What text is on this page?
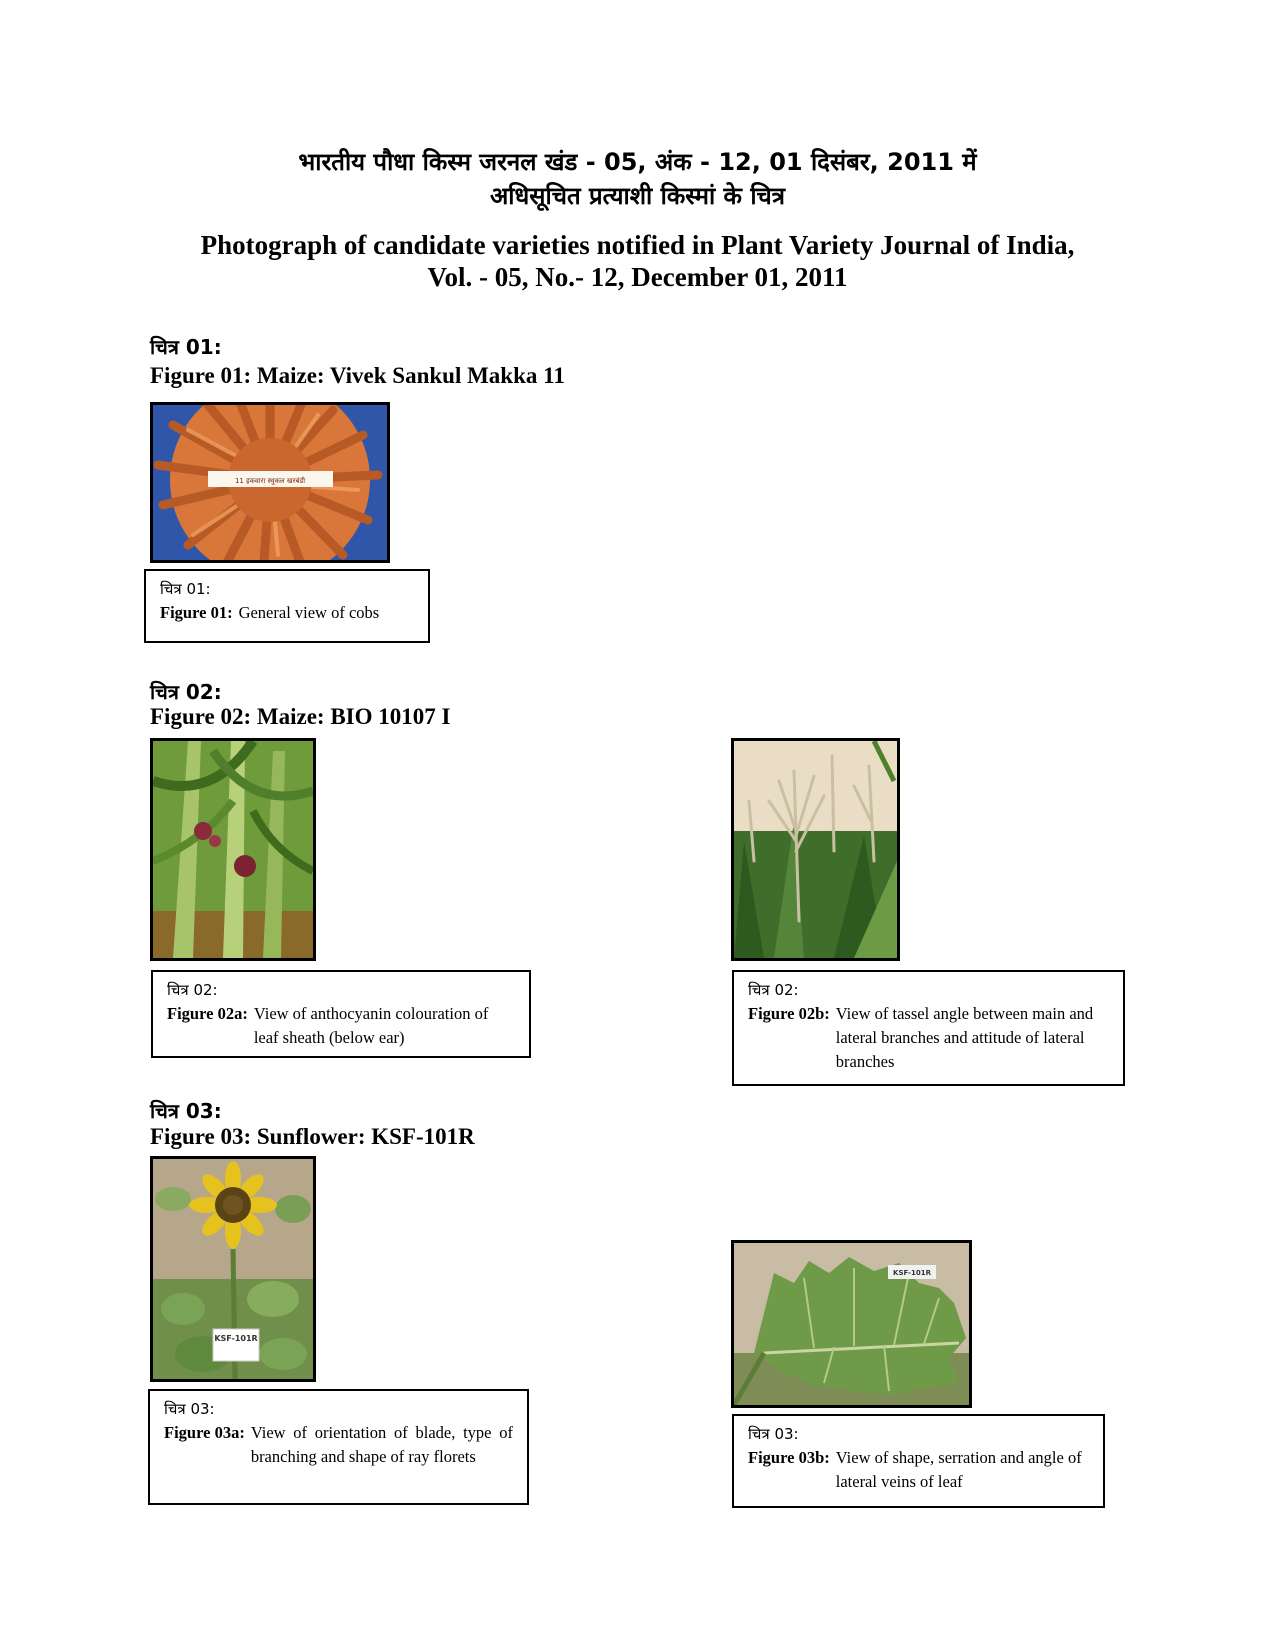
भारतीय पौधा किस्म जरनल खंड - 05, अंक - 12, 01 दिसंबर, 2011 में
अधिसूचित प्रत्याशी किस्मां के चित्र
Photograph of candidate varieties notified in Plant Variety Journal of India,
Vol. - 05, No.- 12, December 01, 2011
चित्र 01:
Figure 01: Maize: Vivek Sankul Makka 11
11 इकवारा स्थुकल खरबंडी
चित्र 01:
Figure 01: General view of cobs
चित्र 02:
Figure 02: Maize: BIO 10107 I
चित्र 02:
Figure 02a: View of anthocyanin colouration of leaf sheath (below ear)
चित्र 02:
Figure 02b: View of tassel angle between main and lateral branches and attitude of lateral branches
चित्र 03:
Figure 03: Sunflower: KSF-101R
KSF-101R
चित्र 03:
Figure 03a: View of orientation of blade, type of branching and shape of ray florets
KSF-101R
चित्र 03:
Figure 03b: View of shape, serration and angle of lateral veins of leaf
